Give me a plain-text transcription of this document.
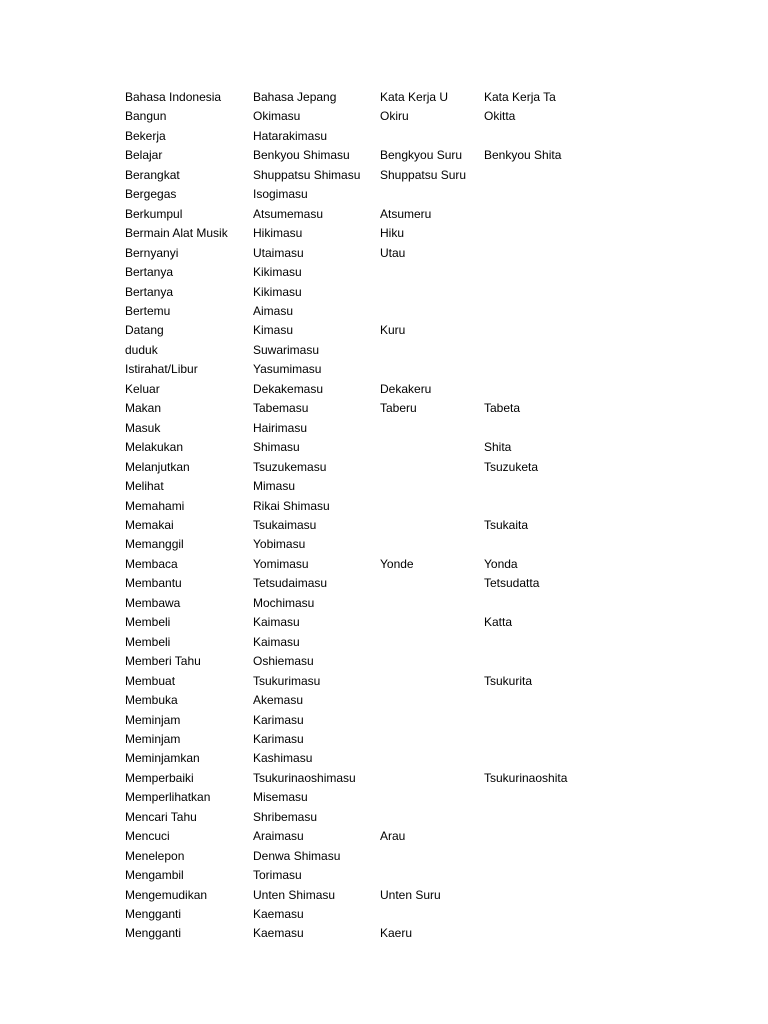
Bahasa Indonesia	Bahasa Jepang	Kata Kerja U	Kata Kerja Ta
Bangun	Okimasu	Okiru	Okitta
Bekerja	Hatarakimasu		
Belajar	Benkyou Shimasu	Bengkyou Suru	Benkyou Shita
Berangkat	Shuppatsu Shimasu	Shuppatsu Suru	
Bergegas	Isogimasu		
Berkumpul	Atsumemasu	Atsumeru	
Bermain Alat Musik	Hikimasu	Hiku	
Bernyanyi	Utaimasu	Utau	
Bertanya	Kikimasu		
Bertanya	Kikimasu		
Bertemu	Aimasu		
Datang	Kimasu	Kuru	
duduk	Suwarimasu		
Istirahat/Libur	Yasumimasu		
Keluar	Dekakemasu	Dekakeru	
Makan	Tabemasu	Taberu	Tabeta
Masuk	Hairimasu		
Melakukan	Shimasu		Shita
Melanjutkan	Tsuzukemasu		Tsuzuketa
Melihat	Mimasu		
Memahami	Rikai Shimasu		
Memakai	Tsukaimasu		Tsukaita
Memanggil	Yobimasu		
Membaca	Yomimasu	Yonde	Yonda
Membantu	Tetsudaimasu		Tetsudatta
Membawa	Mochimasu		
Membeli	Kaimasu		Katta
Membeli	Kaimasu		
Memberi Tahu	Oshiemasu		
Membuat	Tsukurimasu		Tsukurita
Membuka	Akemasu		
Meminjam	Karimasu		
Meminjam	Karimasu		
Meminjamkan	Kashimasu		
Memperbaiki	Tsukurinaoshimasu		Tsukurinaoshita
Memperlihatkan	Misemasu		
Mencari Tahu	Shribemasu		
Mencuci	Araimasu	Arau	
Menelepon	Denwa Shimasu		
Mengambil	Torimasu		
Mengemudikan	Unten Shimasu	Unten Suru	
Mengganti	Kaemasu		
Mengganti	Kaemasu	Kaeru	
